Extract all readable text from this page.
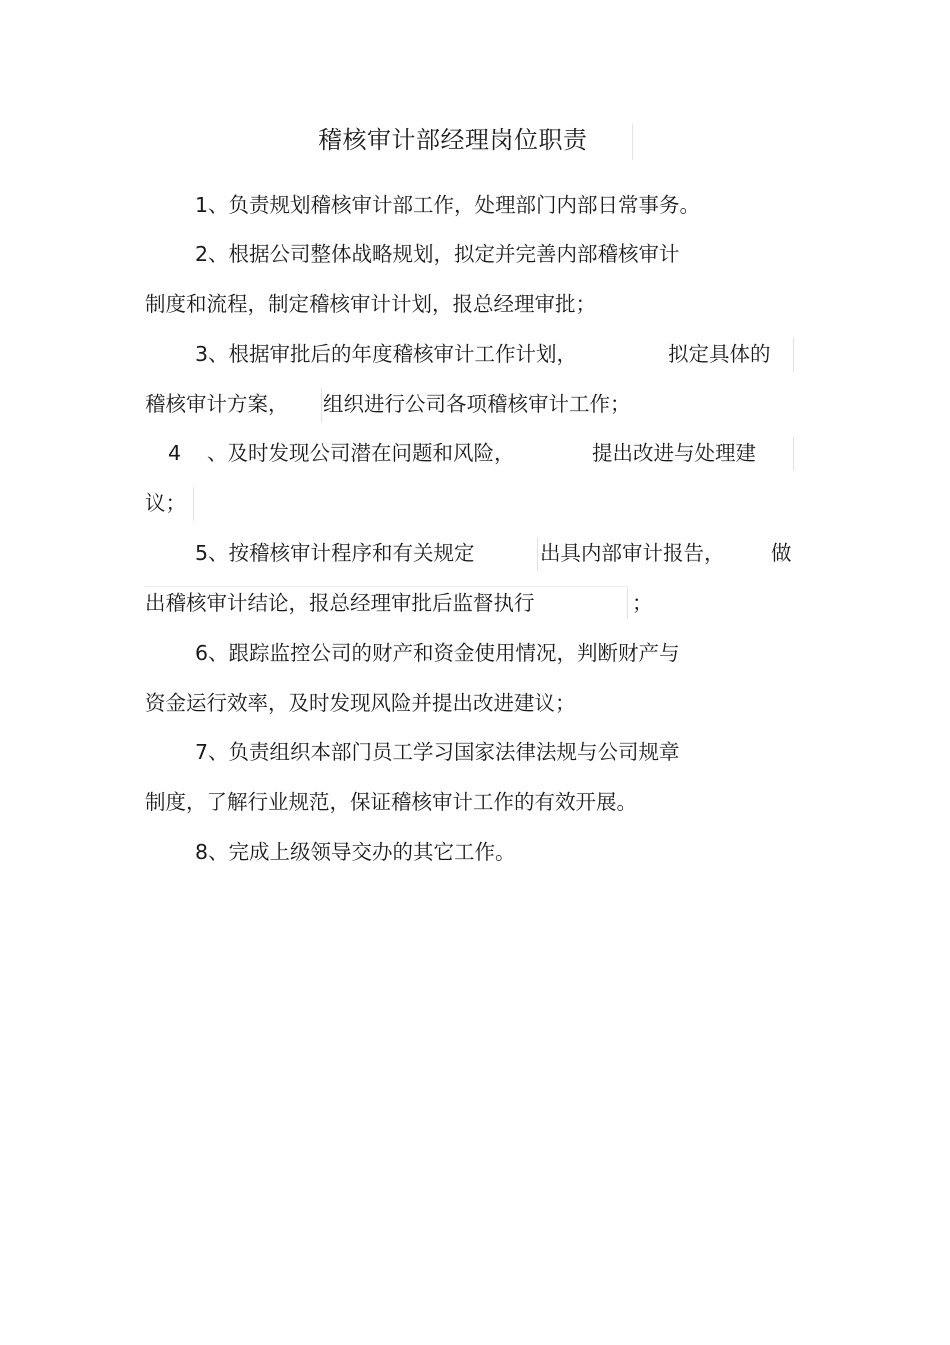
稽核审计部经理岗位职责
1、负责规划稽核审计部工作，处理部门内部日常事务。
2、根据公司整体战略规划，拟定并完善内部稽核审计
制度和流程，制定稽核审计计划，报总经理审批；
3、根据审批后的年度稽核审计工作计划，	拟定具体的
稽核审计方案， 组织进行公司各项稽核审计工作；
4 、及时发现公司潜在问题和风险，	提出改进与处理建
议；
5、按稽核审计程序和有关规定	出具内部审计报告， 做
出稽核审计结论，报总经理审批后监督执行	；
6、跟踪监控公司的财产和资金使用情况，判断财产与
资金运行效率，及时发现风险并提出改进建议；
7、负责组织本部门员工学习国家法律法规与公司规章
制度，了解行业规范，保证稽核审计工作的有效开展。
8、完成上级领导交办的其它工作。
